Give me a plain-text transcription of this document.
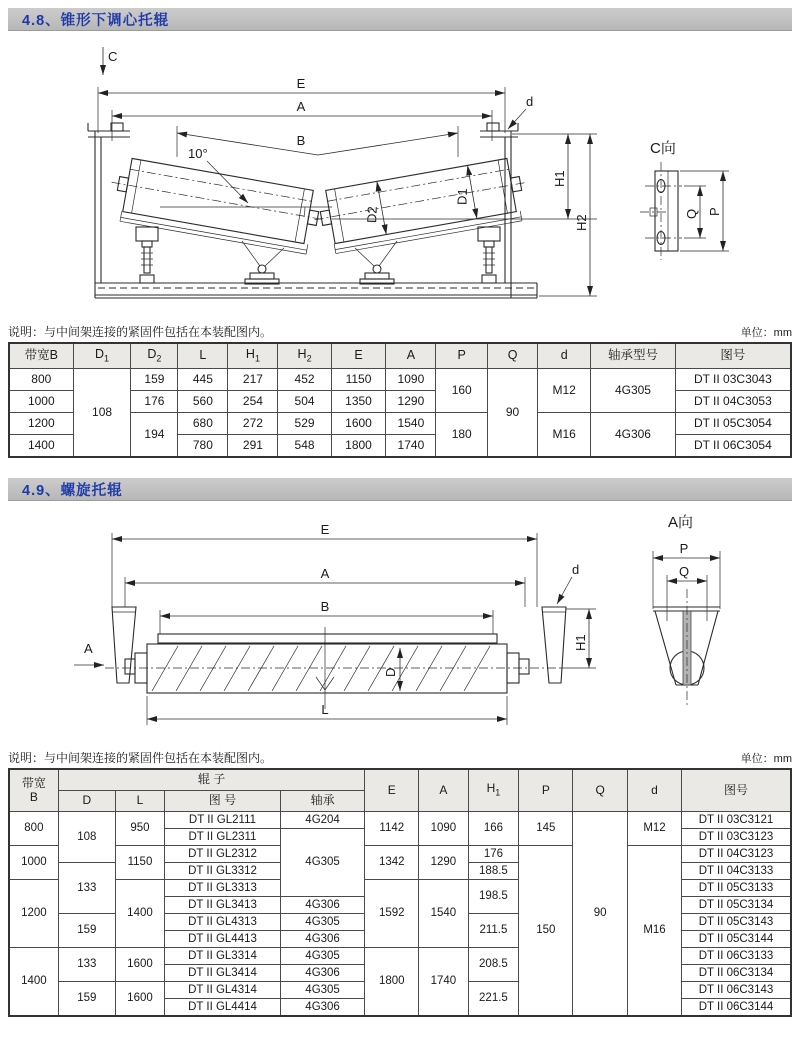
4.8、锥形下调心托辊
C
D1
D2
E
A
B
10°
d
H1
H2
C向
Q P
说明：与中间架连接的紧固件包括在本装配图内。	单位：mm
带宽B	$D_1$	$D_2$	L	$H_1$	$H_2$	E	A	P	Q	d	轴承型号	图号
800	108	159	445	217	452	1150	1090	160	90	M12	4G305	DT II 03C3043
1000		176	560	254	504	1350	1290					DT II 04C3053
1200		194	680	272	529	1600	1540	180		M16	4G306	DT II 05C3054
1400			780	291	548	1800	1740					DT II 06C3054
4.9、螺旋托辊
E
A
B
A
d
H1
D
L
A向
P
Q
说明：与中间架连接的紧固件包括在本装配图内。	单位：mm
带宽
B	辊 子				E	A	$H_1$	P	Q	d	图号
	D	L	图 号	轴承							
800	108	950	DT II GL2111	4G204	1142	1090	166	145	90	M12	DT II 03C3121
			DT II GL2311	4G305							DT II 03C3123
1000		1150	DT II GL2312		1342	1290	176	150		M16	DT II 04C3123
	133		DT II GL3312				188.5				DT II 04C3133
1200		1400	DT II GL3313		1592	1540	198.5				DT II 05C3133
			DT II GL3413	4G306							DT II 05C3134
	159		DT II GL4313	4G305			211.5				DT II 05C3143
			DT II GL4413	4G306							DT II 05C3144
1400	133	1600	DT II GL3314	4G305	1800	1740	208.5				DT II 06C3133
			DT II GL3414	4G306							DT II 06C3134
	159	1600	DT II GL4314	4G305			221.5				DT II 06C3143
			DT II GL4414	4G306							DT II 06C3144
